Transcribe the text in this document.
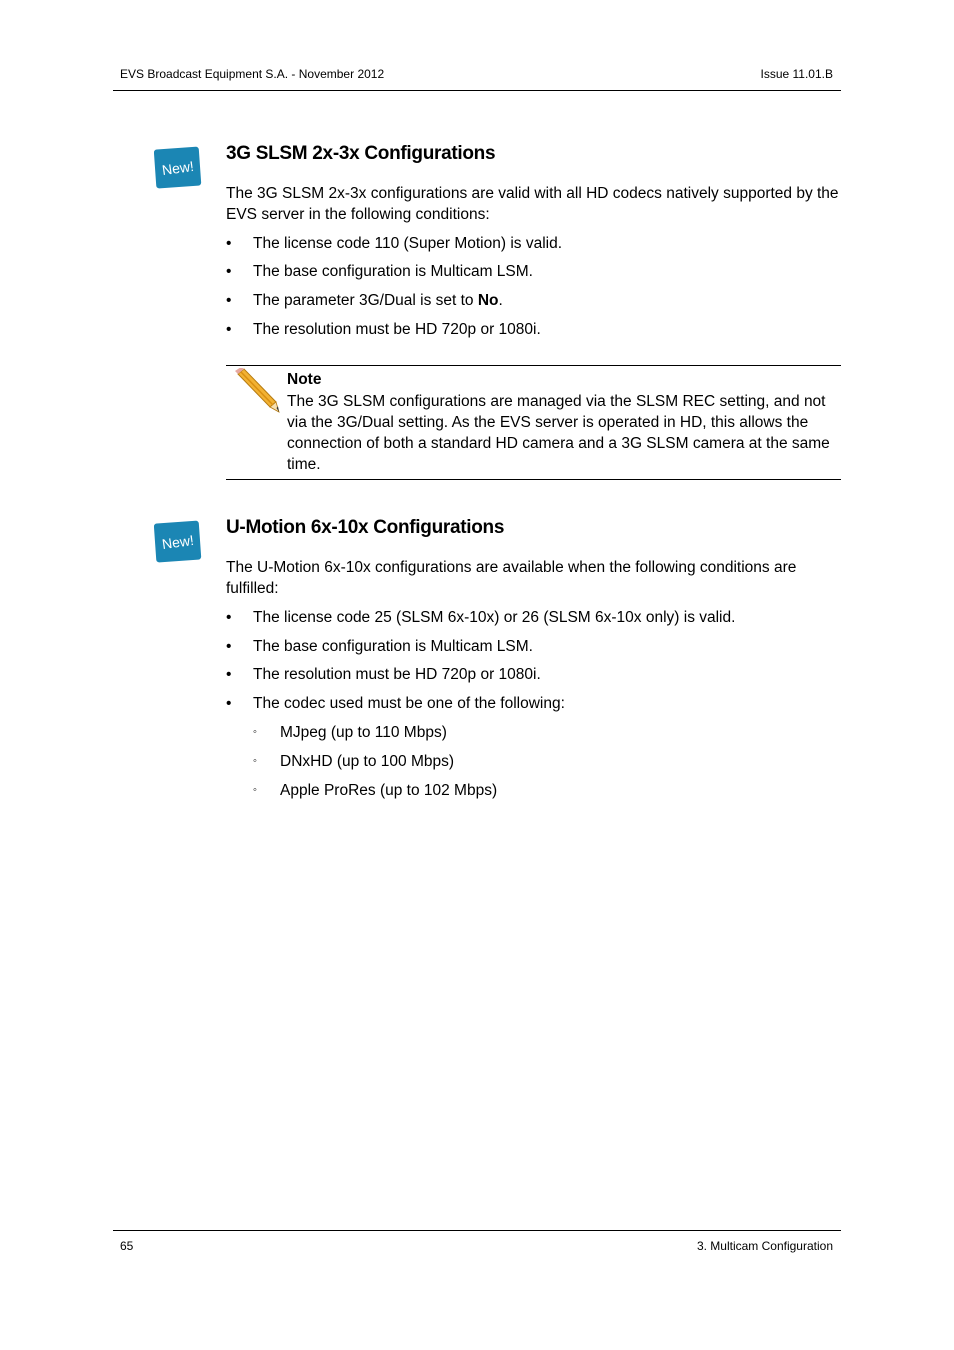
EVS Broadcast Equipment S.A. - November 2012	Issue 11.01.B
New!
3G SLSM 2x-3x Configurations

The 3G SLSM 2x-3x configurations are valid with all HD codecs natively supported by the EVS server in the following conditions:

• The license code 110 (Super Motion) is valid.
• The base configuration is Multicam LSM.
• The parameter 3G/Dual is set to No.
• The resolution must be HD 720p or 1080i.
Note

The 3G SLSM configurations are managed via the SLSM REC setting, and not via the 3G/Dual setting. As the EVS server is operated in HD, this allows the connection of both a standard HD camera and a 3G SLSM camera at the same time.

New!
U-Motion 6x-10x Configurations

The U-Motion 6x-10x configurations are available when the following conditions are fulfilled:

• The license code 25 (SLSM 6x-10x) or 26 (SLSM 6x-10x only) is valid.
• The base configuration is Multicam LSM.
• The resolution must be HD 720p or 1080i.
• The codec used must be one of the following:
◦ MJpeg (up to 110 Mbps)
◦ DNxHD (up to 100 Mbps)
◦ Apple ProRes (up to 102 Mbps)
65	3. Multicam Configuration
